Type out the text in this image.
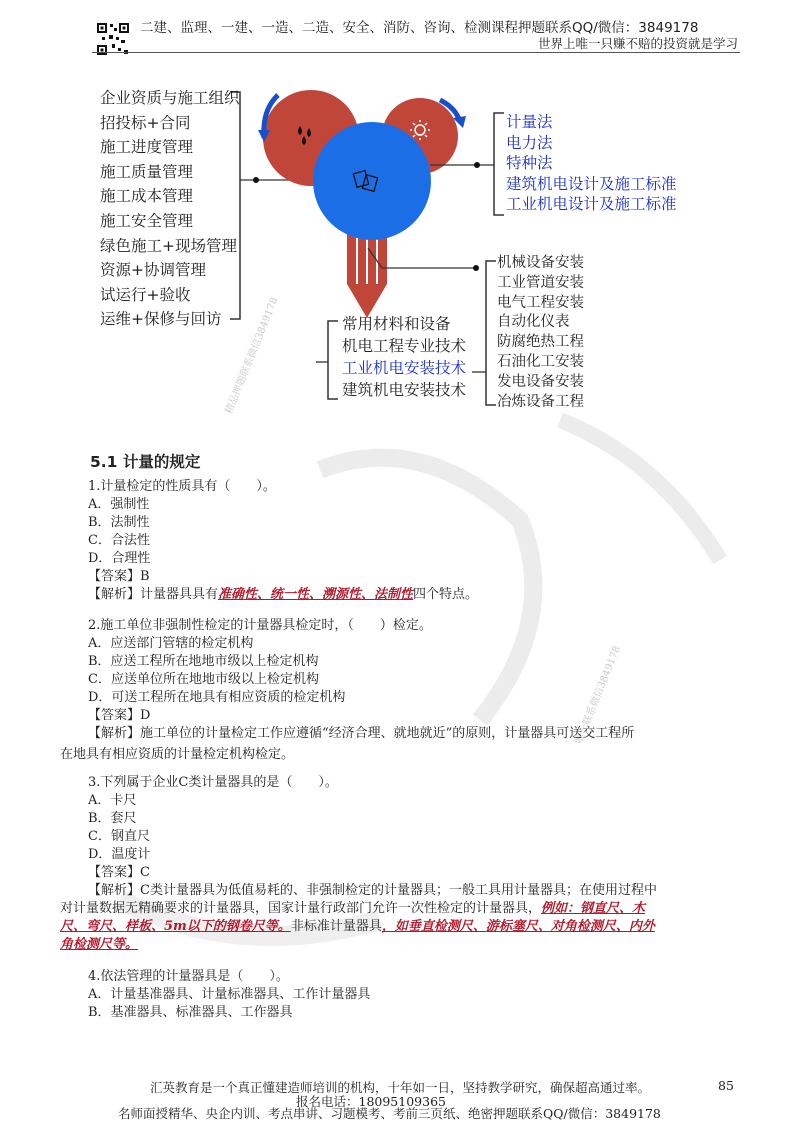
二建、监理、一建、一造、二造、安全、消防、咨询、检测课程押题联系QQ/微信：3849178
世界上唯一只赚不赔的投资就是学习
企业资质与施工组织
招投标+合同
施工进度管理
施工质量管理
施工成本管理
施工安全管理
绿色施工+现场管理
资源+协调管理
试运行+验收
运维+保修与回访
计量法
电力法
特种法
建筑机电设计及施工标准
工业机电设计及施工标准
常用材料和设备
机电工程专业技术
工业机电安装技术
建筑机电安装技术
机械设备安装
工业管道安装
电气工程安装
自动化仪表
防腐绝热工程
石油化工安装
发电设备安装
冶炼设备工程
精品押题联系微信3849178
唯一联系微信3849178
5.1 计量的规定
1.计量检定的性质具有（　　）。
A．强制性
B．法制性
C．合法性
D．合理性
【答案】B
【解析】计量器具具有准确性、统一性、溯源性、法制性四个特点。
2.施工单位非强制性检定的计量器具检定时，（　　）检定。
A．应送部门管辖的检定机构
B．应送工程所在地地市级以上检定机构
C．应送单位所在地地市级以上检定机构
D．可送工程所在地具有相应资质的检定机构
【答案】D
【解析】施工单位的计量检定工作应遵循“经济合理、就地就近”的原则，计量器具可送交工程所
在地具有相应资质的计量检定机构检定。
3.下列属于企业C类计量器具的是（　　）。
A．卡尺
B．套尺
C．钢直尺
D．温度计
【答案】C
【解析】C类计量器具为低值易耗的、非强制检定的计量器具；一般工具用计量器具；在使用过程中
对计量数据无精确要求的计量器具，国家计量行政部门允许一次性检定的计量器具，例如：钢直尺、木
尺、弯尺、样板、5m以下的钢卷尺等。非标准计量器具，如垂直检测尺、游标塞尺、对角检测尺、内外
角检测尺等。
4.依法管理的计量器具是（　　）。
A．计量基准器具、计量标准器具、工作计量器具
B．基准器具、标准器具、工作器具
汇英教育是一个真正懂建造师培训的机构，十年如一日，坚持教学研究，确保超高通过率。	85
报名电话：18095109365
名师面授精华、央企内训、考点串讲、习题模考、考前三页纸、绝密押题联系QQ/微信：3849178
